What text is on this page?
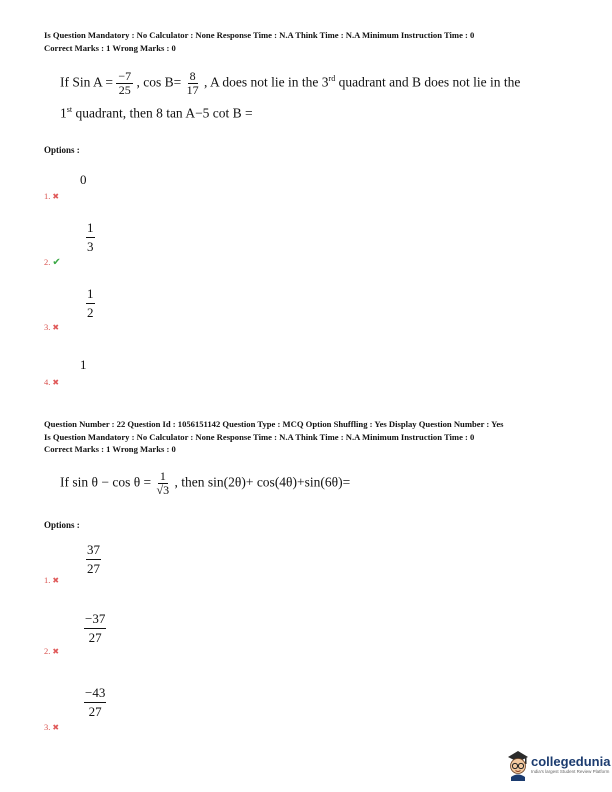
Is Question Mandatory : No Calculator : None Response Time : N.A Think Time : N.A Minimum Instruction Time : 0
Correct Marks : 1 Wrong Marks : 0
If Sin $A = \frac{-7}{25}$ , $\cos B= \frac{8}{17}$ , A does not lie in the 3rd quadrant and B does not lie in the
1st quadrant, then 8 tan A−5 cot B =
Options :
0
1. ✖
$\frac{1}{3}$
2. ✔
$\frac{1}{2}$
3. ✖
1
4. ✖
Question Number : 22 Question Id : 1056151142 Question Type : MCQ Option Shuffling : Yes Display Question Number : Yes
Is Question Mandatory : No Calculator : None Response Time : N.A Think Time : N.A Minimum Instruction Time : 0
Correct Marks : 1 Wrong Marks : 0
If $\sin \theta - \cos \theta = \frac{1}{√3}$ , then sin(2θ)+ cos(4θ)+sin(6θ)=
Options :
$\frac{37}{27}$
1. ✖
$\frac{-37}{27}$
2. ✖
$\frac{-43}{27}$
3. ✖
collegedunia
India's largest Student Review Platform
